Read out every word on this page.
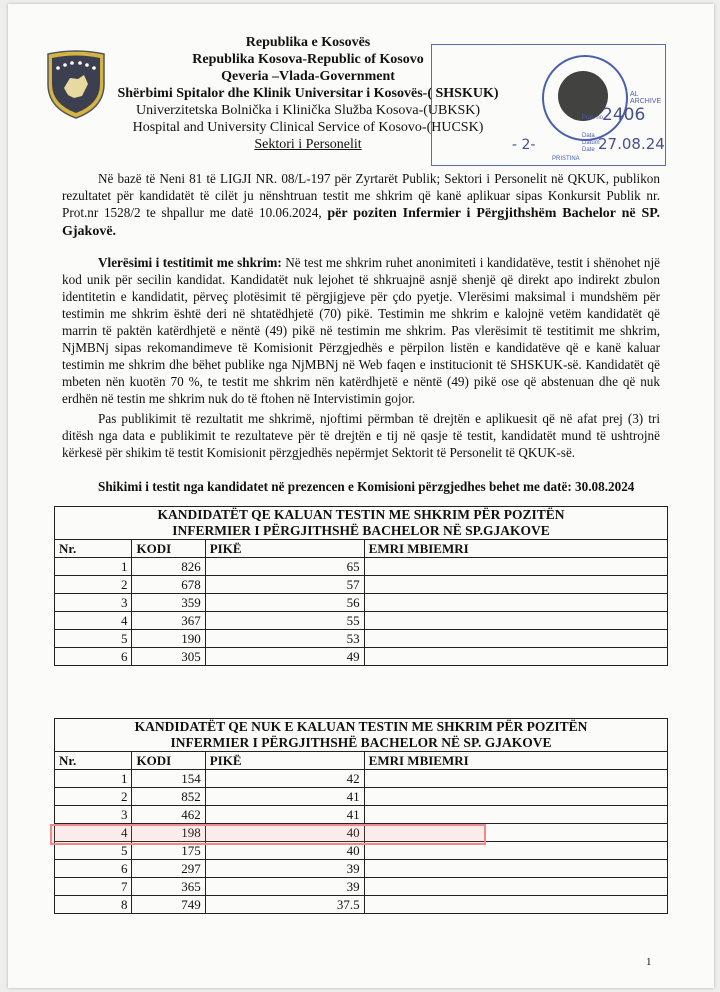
Republika e Kosovës
Republika Kosova-Republic of Kosovo
Qeveria –Vlada-Government
Shërbimi Spitalor dhe Klinik Universitar i Kosovës-( SHSKUK)
Univerzitetska Bolnička i Klinička Služba Kosova-(UBKSK)
Hospital and University Clinical Service of Kosovo-(HUCSK)
Sektori i Personelit
AL ARCHIVE
Prot. no
Data
Datum
Date
PRISTINA
2406
- 2-	27.08.24

Në bazë të Neni 81 të LIGJI NR. 08/L-197 për Zyrtarët Publik; Sektori i Personelit në QKUK, publikon rezultatet për kandidatët të cilët ju nënshtruan testit me shkrim që kanë aplikuar sipas Konkursit Publik nr. Prot.nr 1528/2 te shpallur me datë 10.06.2024, për poziten Infermier i Përgjithshëm Bachelor në SP. Gjakovë.

Vlerësimi i testitimit me shkrim: Në test me shkrim ruhet anonimiteti i kandidatëve, testit i shënohet një kod unik për secilin kandidat. Kandidatët nuk lejohet të shkruajnë asnjë shenjë që direkt apo indirekt zbulon identitetin e kandidatit, përveç plotësimit të përgjigjeve për çdo pyetje. Vlerësimi maksimal i mundshëm për testimin me shkrim është deri në shtatëdhjetë (70) pikë. Testimin me shkrim e kalojnë vetëm kandidatët që marrin të paktën katërdhjetë e nëntë (49) pikë në testimin me shkrim. Pas vlerësimit të testitimit me shkrim, NjMBNj sipas rekomandimeve të Komisionit Përzgjedhës e përpilon listën e kandidatëve që e kanë kaluar testimin me shkrim dhe bëhet publike nga NjMBNj në Web faqen e institucionit të SHSKUK-së. Kandidatët që mbeten nën kuotën 70 %, te testit me shkrim nën katërdhjetë e nëntë (49) pikë ose që abstenuan dhe që nuk erdhën në testin me shkrim nuk do të ftohen në Intervistimin gojor.

Pas publikimit të rezultatit me shkrimë, njoftimi përmban të drejtën e aplikuesit që në afat prej (3) tri ditësh nga data e publikimit te rezultateve për të drejtën e tij në qasje të testit, kandidatët mund të ushtrojnë kërkesë për shikim të testit Komisionit përzgjedhës nepërmjet Sektorit të Personelit të QKUK-së.

Shikimi i testit nga kandidatet në prezencen e Komisioni përzgjedhes behet me datë: 30.08.2024

KANDIDATËT QE KALUAN TESTIN ME SHKRIM PËR POZITËN
INFERMIER I PËRGJITHSHË BACHELOR NË SP.GJAKOVE			

Nr.	KODI	PIKË	EMRI MBIEMRI
1	826	65	
2	678	57	
3	359	56	
4	367	55	
5	190	53	
6	305	49	
KANDIDATËT QE NUK E KALUAN TESTIN ME SHKRIM PËR POZITËN
INFERMIER I PËRGJITHSHË BACHELOR NË SP. GJAKOVE			

Nr.	KODI	PIKË	EMRI MBIEMRI
1	154	42	
2	852	41	
3	462	41	
4	198	40	
5	175	40	
6	297	39	
7	365	39	
8	749	37.5	
1
